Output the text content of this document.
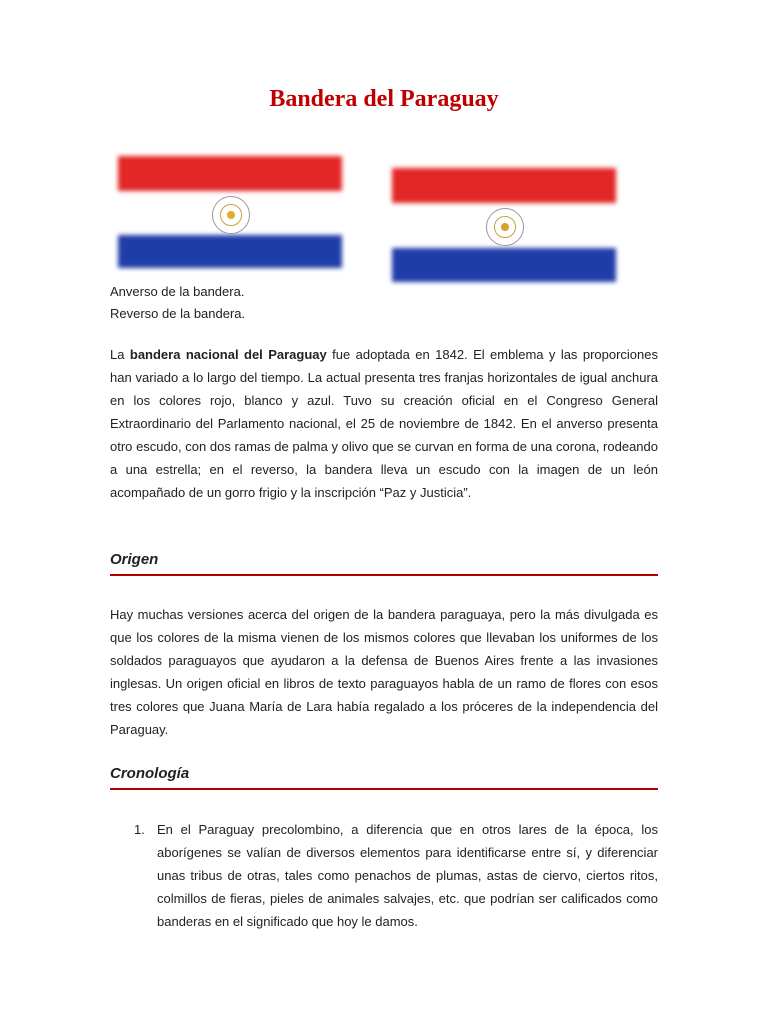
Bandera del Paraguay
Anverso de la bandera.
Reverso de la bandera.

La bandera nacional del Paraguay fue adoptada en 1842. El emblema y las proporciones han variado a lo largo del tiempo. La actual presenta tres franjas horizontales de igual anchura en los colores rojo, blanco y azul. Tuvo su creación oficial en el Congreso General Extraordinario del Parlamento nacional, el 25 de noviembre de 1842. En el anverso presenta otro escudo, con dos ramas de palma y olivo que se curvan en forma de una corona, rodeando a una estrella; en el reverso, la bandera lleva un escudo con la imagen de un león acompañado de un gorro frigio y la inscripción “Paz y Justicia”.

Origen

Hay muchas versiones acerca del origen de la bandera paraguaya, pero la más divulgada es que los colores de la misma vienen de los mismos colores que llevaban los uniformes de los soldados paraguayos que ayudaron a la defensa de Buenos Aires frente a las invasiones inglesas. Un origen oficial en libros de texto paraguayos habla de un ramo de flores con esos tres colores que Juana María de Lara había regalado a los próceres de la independencia del Paraguay.

Cronología
1. En el Paraguay precolombino, a diferencia que en otros lares de la época, los aborígenes se valían de diversos elementos para identificarse entre sí, y diferenciar unas tribus de otras, tales como penachos de plumas, astas de ciervo, ciertos ritos, colmillos de fieras, pieles de animales salvajes, etc. que podrían ser calificados como banderas en el significado que hoy le damos.
